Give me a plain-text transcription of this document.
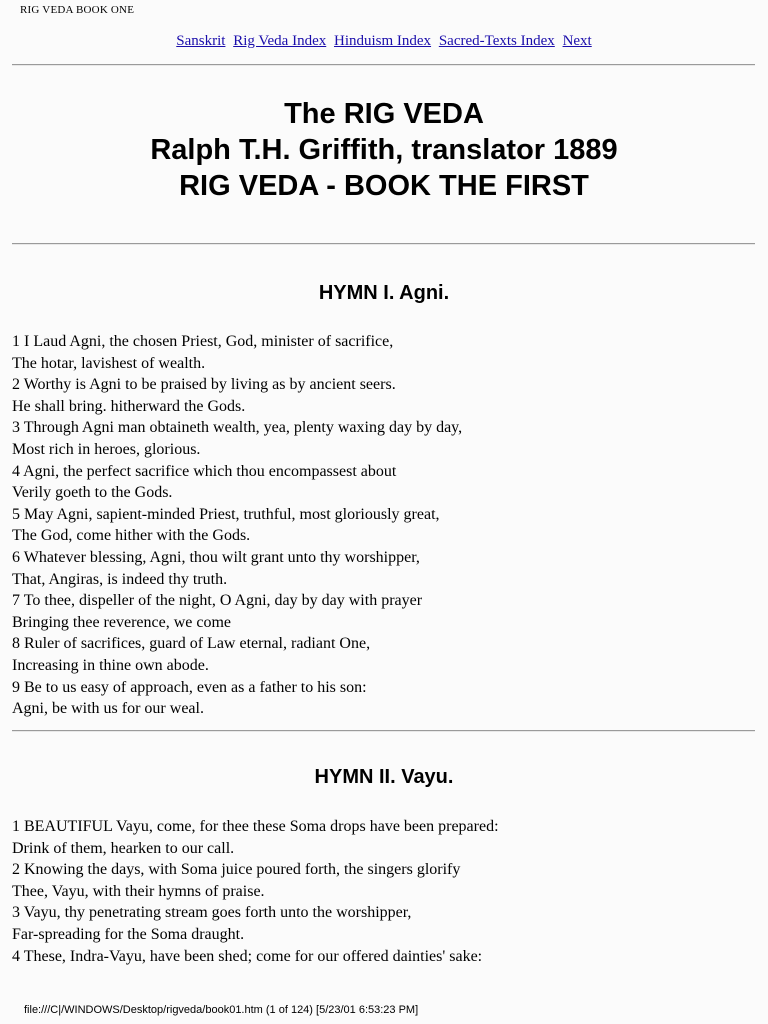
RIG VEDA BOOK ONE
Sanskrit Rig Veda Index Hinduism Index Sacred-Texts Index Next
The RIG VEDA
Ralph T.H. Griffith, translator 1889
RIG VEDA - BOOK THE FIRST
HYMN I. Agni.
1 I Laud Agni, the chosen Priest, God, minister of sacrifice,
The hotar, lavishest of wealth.
2 Worthy is Agni to be praised by living as by ancient seers.
He shall bring. hitherward the Gods.
3 Through Agni man obtaineth wealth, yea, plenty waxing day by day,
Most rich in heroes, glorious.
4 Agni, the perfect sacrifice which thou encompassest about
Verily goeth to the Gods.
5 May Agni, sapient-minded Priest, truthful, most gloriously great,
The God, come hither with the Gods.
6 Whatever blessing, Agni, thou wilt grant unto thy worshipper,
That, Angiras, is indeed thy truth.
7 To thee, dispeller of the night, O Agni, day by day with prayer
Bringing thee reverence, we come
8 Ruler of sacrifices, guard of Law eternal, radiant One,
Increasing in thine own abode.
9 Be to us easy of approach, even as a father to his son:
Agni, be with us for our weal.
HYMN II. Vayu.
1 BEAUTIFUL Vayu, come, for thee these Soma drops have been prepared:
Drink of them, hearken to our call.
2 Knowing the days, with Soma juice poured forth, the singers glorify
Thee, Vayu, with their hymns of praise.
3 Vayu, thy penetrating stream goes forth unto the worshipper,
Far-spreading for the Soma draught.
4 These, Indra-Vayu, have been shed; come for our offered dainties' sake:
file:///C|/WINDOWS/Desktop/rigveda/book01.htm (1 of 124) [5/23/01 6:53:23 PM]
